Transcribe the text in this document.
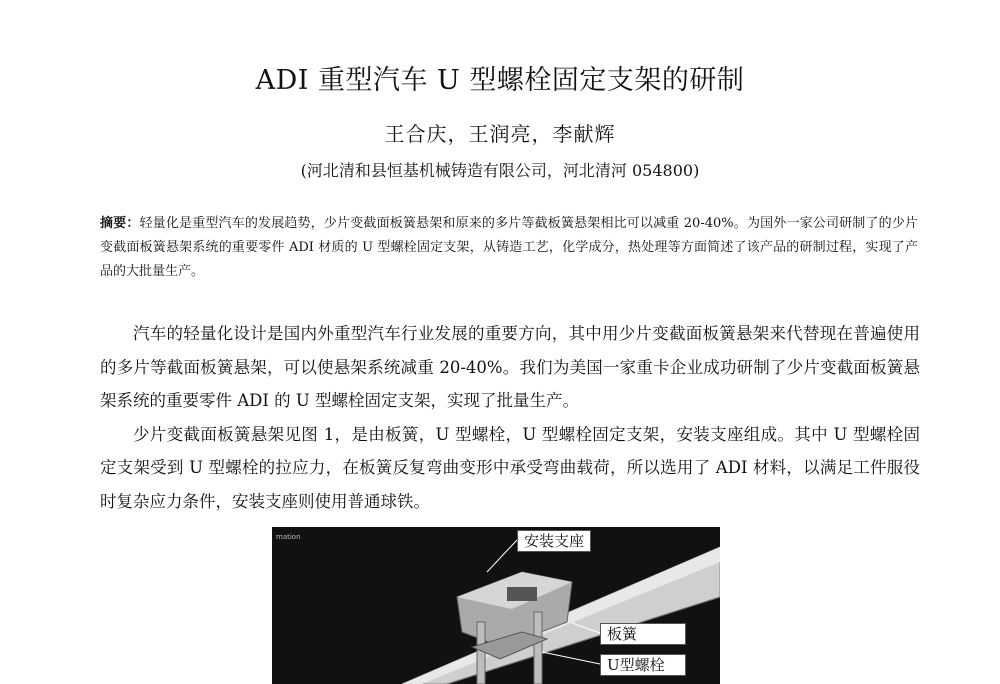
ADI 重型汽车 U 型螺栓固定支架的研制
王合庆，王润亮，李献辉
(河北清和县恒基机械铸造有限公司，河北清河 054800)
摘要：轻量化是重型汽车的发展趋势，少片变截面板簧悬架和原来的多片等截板簧悬架相比可以减重 20-40%。为国外一家公司研制了的少片变截面板簧悬架系统的重要零件 ADI 材质的 U 型螺栓固定支架，从铸造工艺，化学成分，热处理等方面简述了该产品的研制过程，实现了产品的大批量生产。

汽车的轻量化设计是国内外重型汽车行业发展的重要方向，其中用少片变截面板簧悬架来代替现在普遍使用的多片等截面板簧悬架，可以使悬架系统减重 20-40%。我们为美国一家重卡企业成功研制了少片变截面板簧悬架系统的重要零件 ADI 的 U 型螺栓固定支架，实现了批量生产。

少片变截面板簧悬架见图 1，是由板簧，U 型螺栓，U 型螺栓固定支架，安装支座组成。其中 U 型螺栓固定支架受到 U 型螺栓的拉应力，在板簧反复弯曲变形中承受弯曲载荷，所以选用了 ADI 材料，以满足工件服役时复杂应力条件，安装支座则使用普通球铁。

mation	安装支座
板簧
U型螺栓
